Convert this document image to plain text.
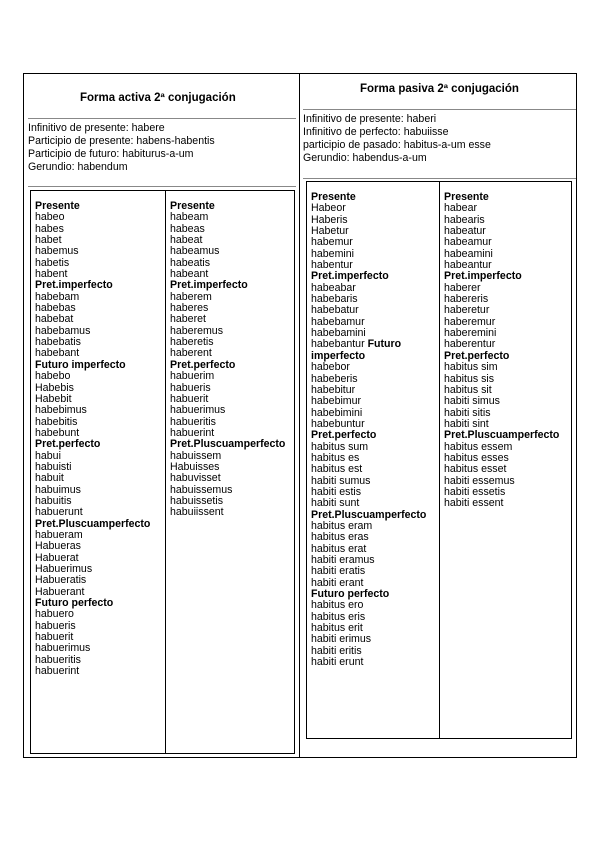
Forma activa 2ª conjugación
Infinitivo de presente: habere
Participio de presente: habens-habentis
Participio de futuro: habiturus-a-um
Gerundio: habendum
Presente
habeo
habes
habet
habemus
habetis
habent
Pret.imperfecto
habebam
habebas
habebat
habebamus
habebatis
habebant
Futuro imperfecto
habebo
Habebis
Habebit
habebimus
habebitis
habebunt
Pret.perfecto
habui
habuisti
habuit
habuimus
habuitis
habuerunt
Pret.Pluscuamperfecto
habueram
Habueras
Habuerat
Habuerimus
Habueratis
Habuerant
Futuro perfecto
habuero
habueris
habuerit
habuerimus
habueritis
habuerint
Presente
habeam
habeas
habeat
habeamus
habeatis
habeant
Pret.imperfecto
haberem
haberes
haberet
haberemus
haberetis
haberent
Pret.perfecto
habuerim
habueris
habuerit
habuerimus
habueritis
habuerint
Pret.Pluscuamperfecto
habuissem
Habuisses
habuvisset
habuissemus
habuissetis
habuiissent
Forma pasiva 2ª conjugación
Infinitivo de presente: haberi
Infinitivo de perfecto: habuiisse
participio de pasado: habitus-a-um esse
Gerundio: habendus-a-um
Presente
Habeor
Haberis
Habetur
habemur
habemini
habentur
Pret.imperfecto
habeabar
habebaris
habebatur
habebamur
habebamini
habebantur Futuro
imperfecto
habebor
habeberis
habebitur
habebimur
habebimini
habebuntur
Pret.perfecto
habitus sum
habitus es
habitus est
habiti sumus
habiti estis
habiti sunt
Pret.Pluscuamperfecto
habitus eram
habitus eras
habitus erat
habiti eramus
habiti eratis
habiti erant
Futuro perfecto
habitus ero
habitus eris
habitus erit
habiti erimus
habiti eritis
habiti erunt
Presente
habear
habearis
habeatur
habeamur
habeamini
habeantur
Pret.imperfecto
haberer
habereris
haberetur
haberemur
haberemini
haberentur
Pret.perfecto
habitus sim
habitus sis
habitus sit
habiti simus
habiti sitis
habiti sint
Pret.Pluscuamperfecto
habitus essem
habitus esses
habitus esset
habiti essemus
habiti essetis
habiti essent
